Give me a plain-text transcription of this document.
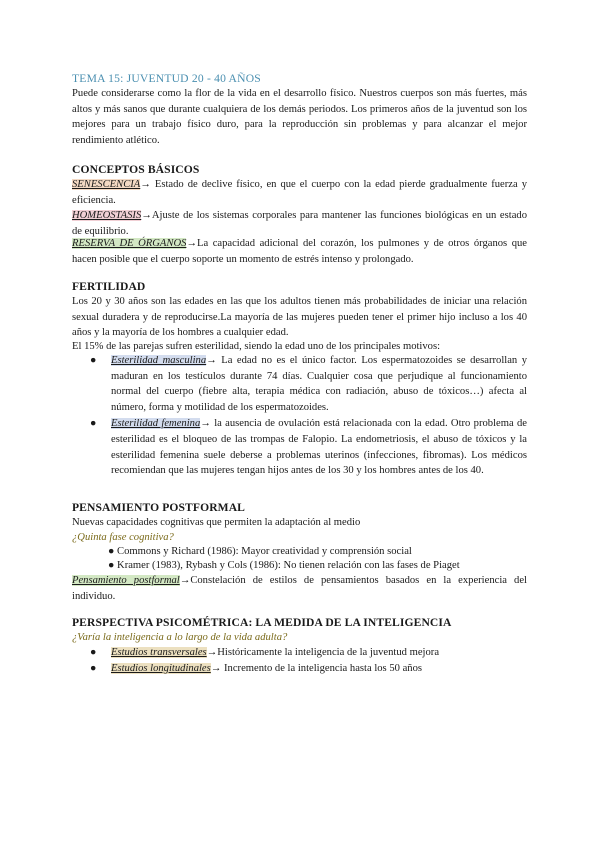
TEMA 15: JUVENTUD 20 - 40 AÑOS
Puede considerarse como la flor de la vida en el desarrollo físico. Nuestros cuerpos son más fuertes, más altos y más sanos que durante cualquiera de los demás periodos. Los primeros años de la juventud son los mejores para un trabajo físico duro, para la reproducción sin problemas y para alcanzar el mejor rendimiento atlético.
CONCEPTOS BÁSICOS
SENESCENCIA→ Estado de declive físico, en que el cuerpo con la edad pierde gradualmente fuerza y eficiencia.
HOMEOSTASIS→Ajuste de los sistemas corporales para mantener las funciones biológicas en un estado de equilibrio.
RESERVA DE ÓRGANOS→La capacidad adicional del corazón, los pulmones y de otros órganos que hacen posible que el cuerpo soporte un momento de estrés intenso y prolongado.
FERTILIDAD
Los 20 y 30 años son las edades en las que los adultos tienen más probabilidades de iniciar una relación sexual duradera y de reproducirse.La mayoría de las mujeres pueden tener el primer hijo incluso a los 40 años y la mayoría de los hombres a cualquier edad.
El 15% de las parejas sufren esterilidad, siendo la edad uno de los principales motivos:
● Esterilidad masculina→ La edad no es el único factor. Los espermatozoides se desarrollan y maduran en los testículos durante 74 días. Cualquier cosa que perjudique al funcionamiento normal del cuerpo (fiebre alta, terapia médica con radiación, abuso de tóxicos…) afecta al número, forma y motilidad de los espermatozoides.
● Esterilidad femenina→ la ausencia de ovulación está relacionada con la edad. Otro problema de esterilidad es el bloqueo de las trompas de Falopio. La endometriosis, el abuso de tóxicos y la esterilidad femenina suele deberse a problemas uterinos (infecciones, fibromas). Los médicos recomiendan que las mujeres tengan hijos antes de los 30 y los hombres antes de los 40.
PENSAMIENTO POSTFORMAL
Nuevas capacidades cognitivas que permiten la adaptación al medio
¿Quinta fase cognitiva?
● Commons y Richard (1986): Mayor creatividad y comprensión social
● Kramer (1983), Rybash y Cols (1986): No tienen relación con las fases de Piaget
Pensamiento postformal→Constelación de estilos de pensamientos basados en la experiencia del individuo.
PERSPECTIVA PSICOMÉTRICA: LA MEDIDA DE LA INTELIGENCIA
¿Varía la inteligencia a lo largo de la vida adulta?
● Estudios transversales→Históricamente la inteligencia de la juventud mejora
● Estudios longitudinales→ Incremento de la inteligencia hasta los 50 años
